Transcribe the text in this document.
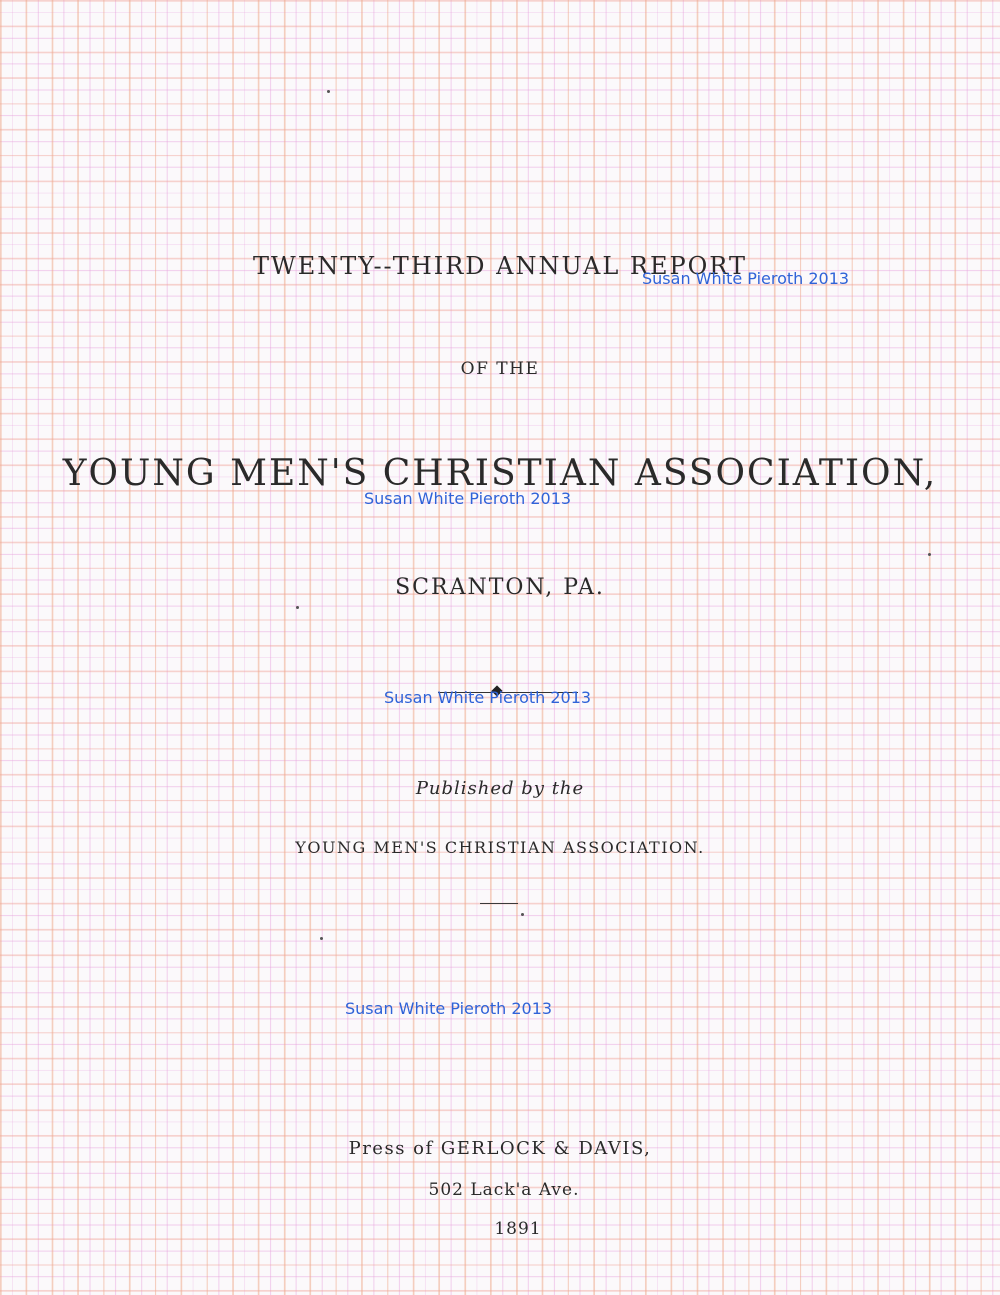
TWENTY--THIRD ANNUAL REPORT
OF THE
YOUNG MEN'S CHRISTIAN ASSOCIATION,
SCRANTON, PA.
Published by the
YOUNG MEN'S CHRISTIAN ASSOCIATION.
Press of GERLOCK & DAVIS,
502 Lack'a Ave.
1891
Susan White Pieroth 2013
Susan White Pieroth 2013
Susan White Pieroth 2013
Susan White Pieroth 2013
